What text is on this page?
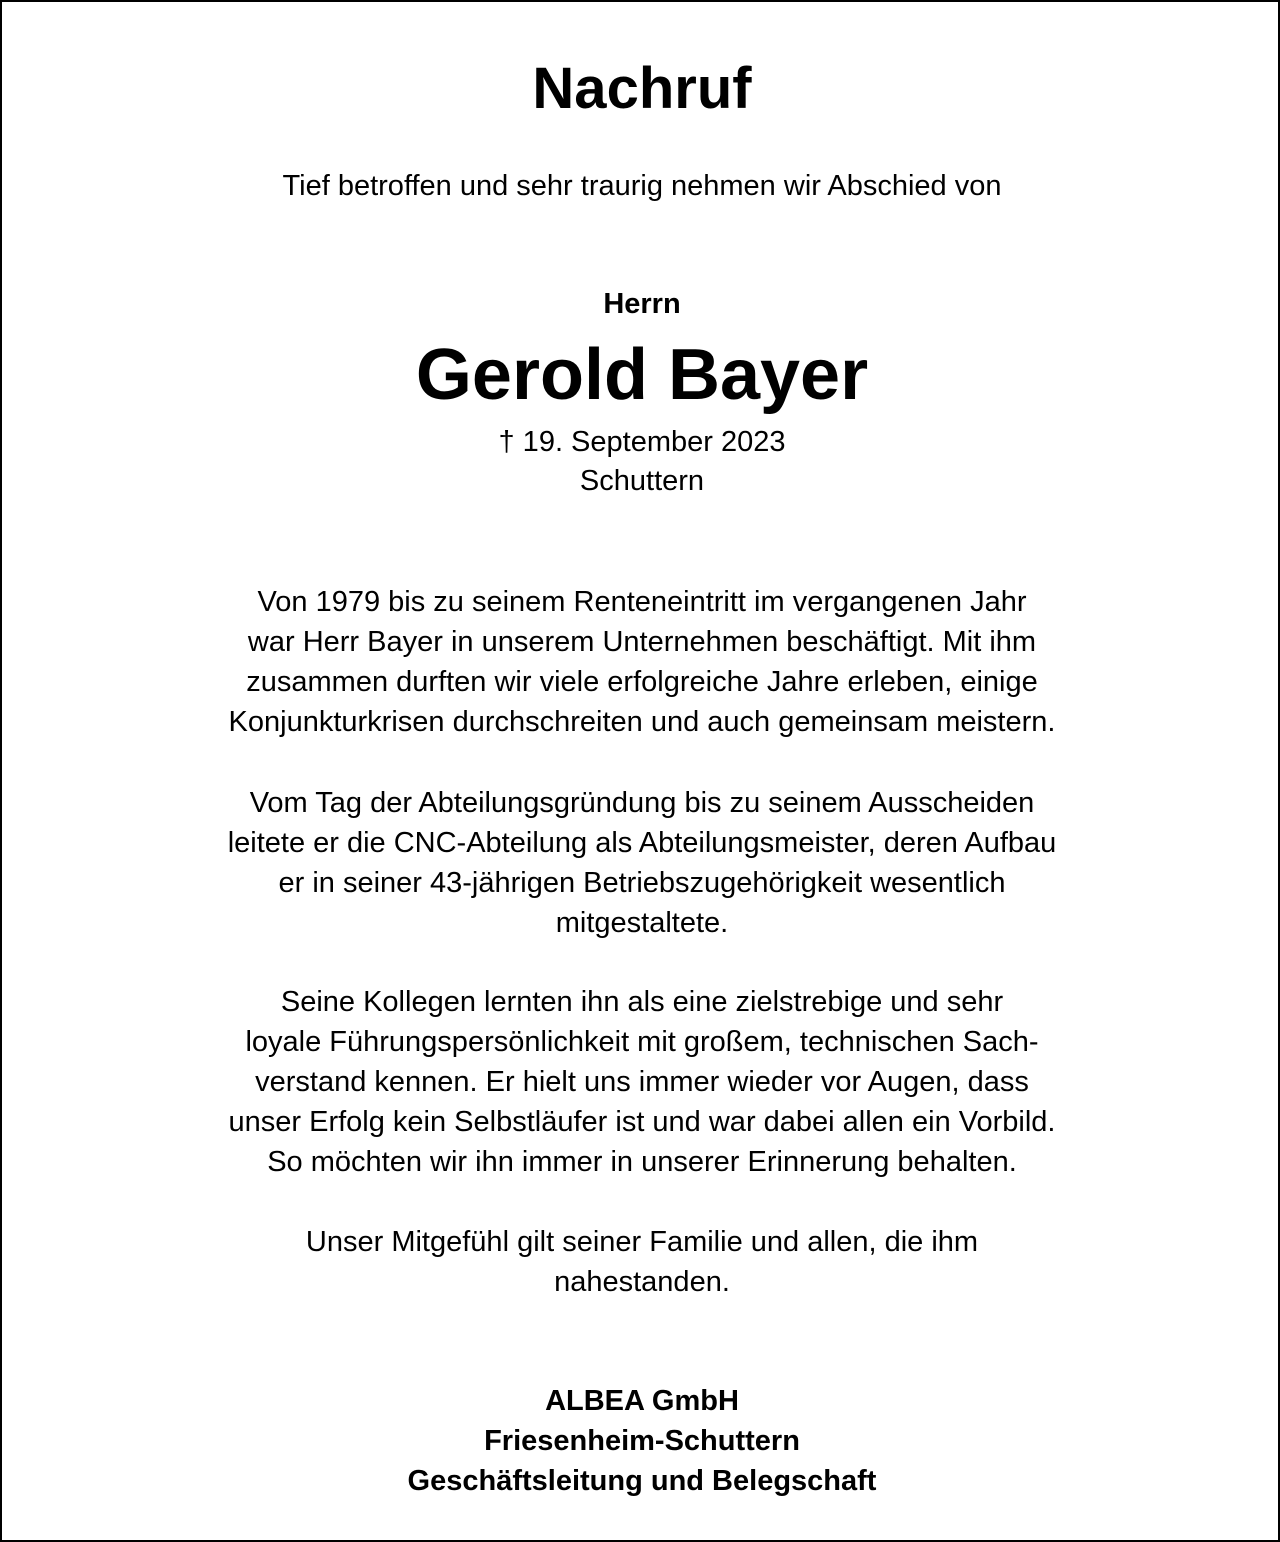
Nachruf
Tief betroffen und sehr traurig nehmen wir Abschied von
Herrn
Gerold Bayer
† 19. September 2023
Schuttern
Von 1979 bis zu seinem Renteneintritt im vergangenen Jahr
war Herr Bayer in unserem Unternehmen beschäftigt. Mit ihm
zusammen durften wir viele erfolgreiche Jahre erleben, einige
Konjunkturkrisen durchschreiten und auch gemeinsam meistern.
Vom Tag der Abteilungsgründung bis zu seinem Ausscheiden
leitete er die CNC-Abteilung als Abteilungsmeister, deren Aufbau
er in seiner 43-jährigen Betriebszugehörigkeit wesentlich
mitgestaltete.
Seine Kollegen lernten ihn als eine zielstrebige und sehr
loyale Führungspersönlichkeit mit großem, technischen Sach-
verstand kennen. Er hielt uns immer wieder vor Augen, dass
unser Erfolg kein Selbstläufer ist und war dabei allen ein Vorbild.
So möchten wir ihn immer in unserer Erinnerung behalten.
Unser Mitgefühl gilt seiner Familie und allen, die ihm
nahestanden.
ALBEA GmbH
Friesenheim-Schuttern
Geschäftsleitung und Belegschaft
